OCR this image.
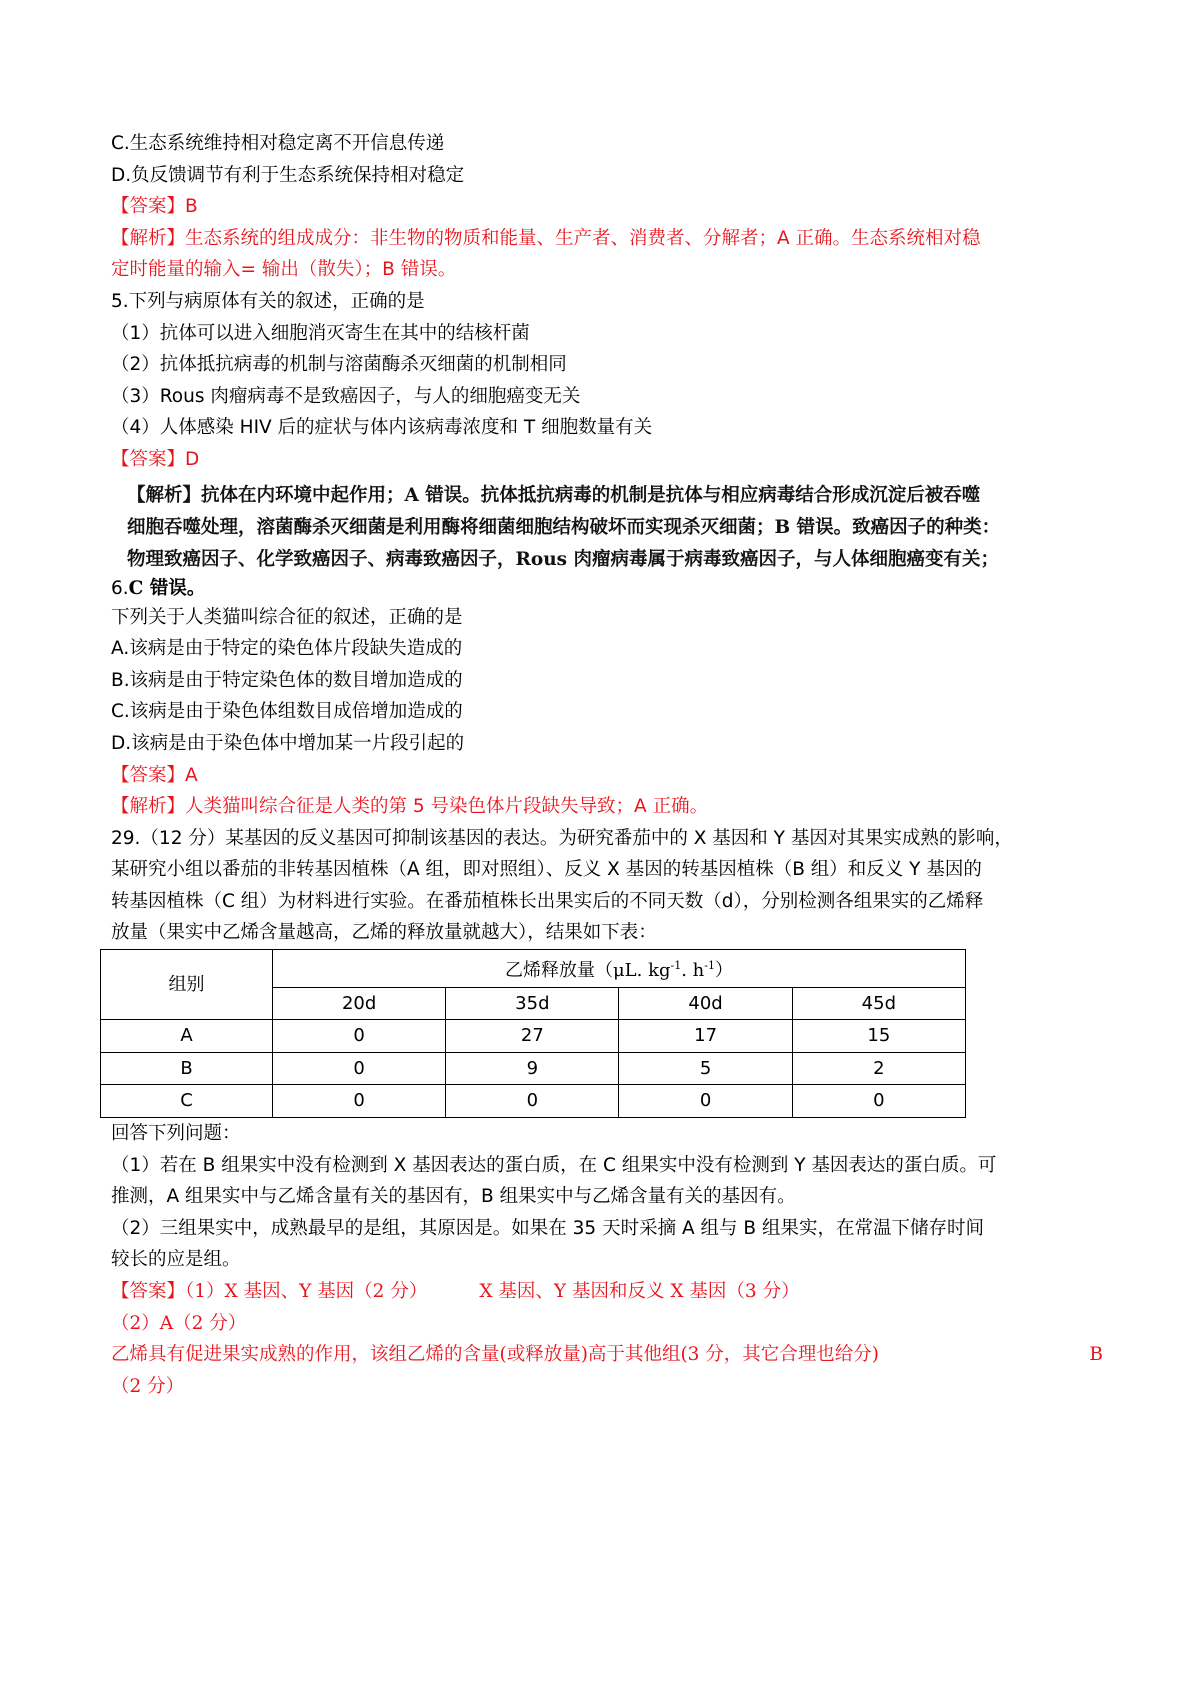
C.生态系统维持相对稳定离不开信息传递
D.负反馈调节有利于生态系统保持相对稳定
【答案】B
【解析】生态系统的组成成分：非生物的物质和能量、生产者、消费者、分解者；A 正确。生态系统相对稳
定时能量的输入= 输出（散失）；B 错误。
5.下列与病原体有关的叙述，正确的是
（1）抗体可以进入细胞消灭寄生在其中的结核杆菌
（2）抗体抵抗病毒的机制与溶菌酶杀灭细菌的机制相同
（3）Rous 肉瘤病毒不是致癌因子，与人的细胞癌变无关
（4）人体感染 HIV 后的症状与体内该病毒浓度和 T 细胞数量有关
【答案】D
【解析】抗体在内环境中起作用；A 错误。抗体抵抗病毒的机制是抗体与相应病毒结合形成沉淀后被吞噬
细胞吞噬处理，溶菌酶杀灭细菌是利用酶将细菌细胞结构破坏而实现杀灭细菌；B 错误。致癌因子的种类：
物理致癌因子、化学致癌因子、病毒致癌因子，Rous 肉瘤病毒属于病毒致癌因子，与人体细胞癌变有关；
6.C 错误。
下列关于人类猫叫综合征的叙述，正确的是
A.该病是由于特定的染色体片段缺失造成的
B.该病是由于特定染色体的数目增加造成的
C.该病是由于染色体组数目成倍增加造成的
D.该病是由于染色体中增加某一片段引起的
【答案】A
【解析】人类猫叫综合征是人类的第 5 号染色体片段缺失导致；A 正确。
29.（12 分）某基因的反义基因可抑制该基因的表达。为研究番茄中的 X 基因和 Y 基因对其果实成熟的影响，
某研究小组以番茄的非转基因植株（A 组，即对照组）、反义 X 基因的转基因植株（B 组）和反义 Y 基因的
转基因植株（C 组）为材料进行实验。在番茄植株长出果实后的不同天数（d），分别检测各组果实的乙烯释
放量（果实中乙烯含量越高，乙烯的释放量就越大），结果如下表：
组别	乙烯释放量（μL. $kg^{-1}$. $h^{-1}$）			
	20d	35d	40d	45d
A	0	27	17	15
B	0	9	5	2
C	0	0	0	0
回答下列问题：
（1）若在 B 组果实中没有检测到 X 基因表达的蛋白质，在 C 组果实中没有检测到 Y 基因表达的蛋白质。可
推测，A 组果实中与乙烯含量有关的基因有，B 组果实中与乙烯含量有关的基因有。
（2）三组果实中，成熟最早的是组，其原因是。如果在 35 天时采摘 A 组与 B 组果实，在常温下储存时间
较长的应是组。
【答案】（1）X 基因、Y 基因（2 分）	X 基因、Y 基因和反义 X 基因（3 分）
（2）A（2 分）
乙烯具有促进果实成熟的作用，该组乙烯的含量(或释放量)高于其他组(3 分，其它合理也给分)	B
（2 分）
